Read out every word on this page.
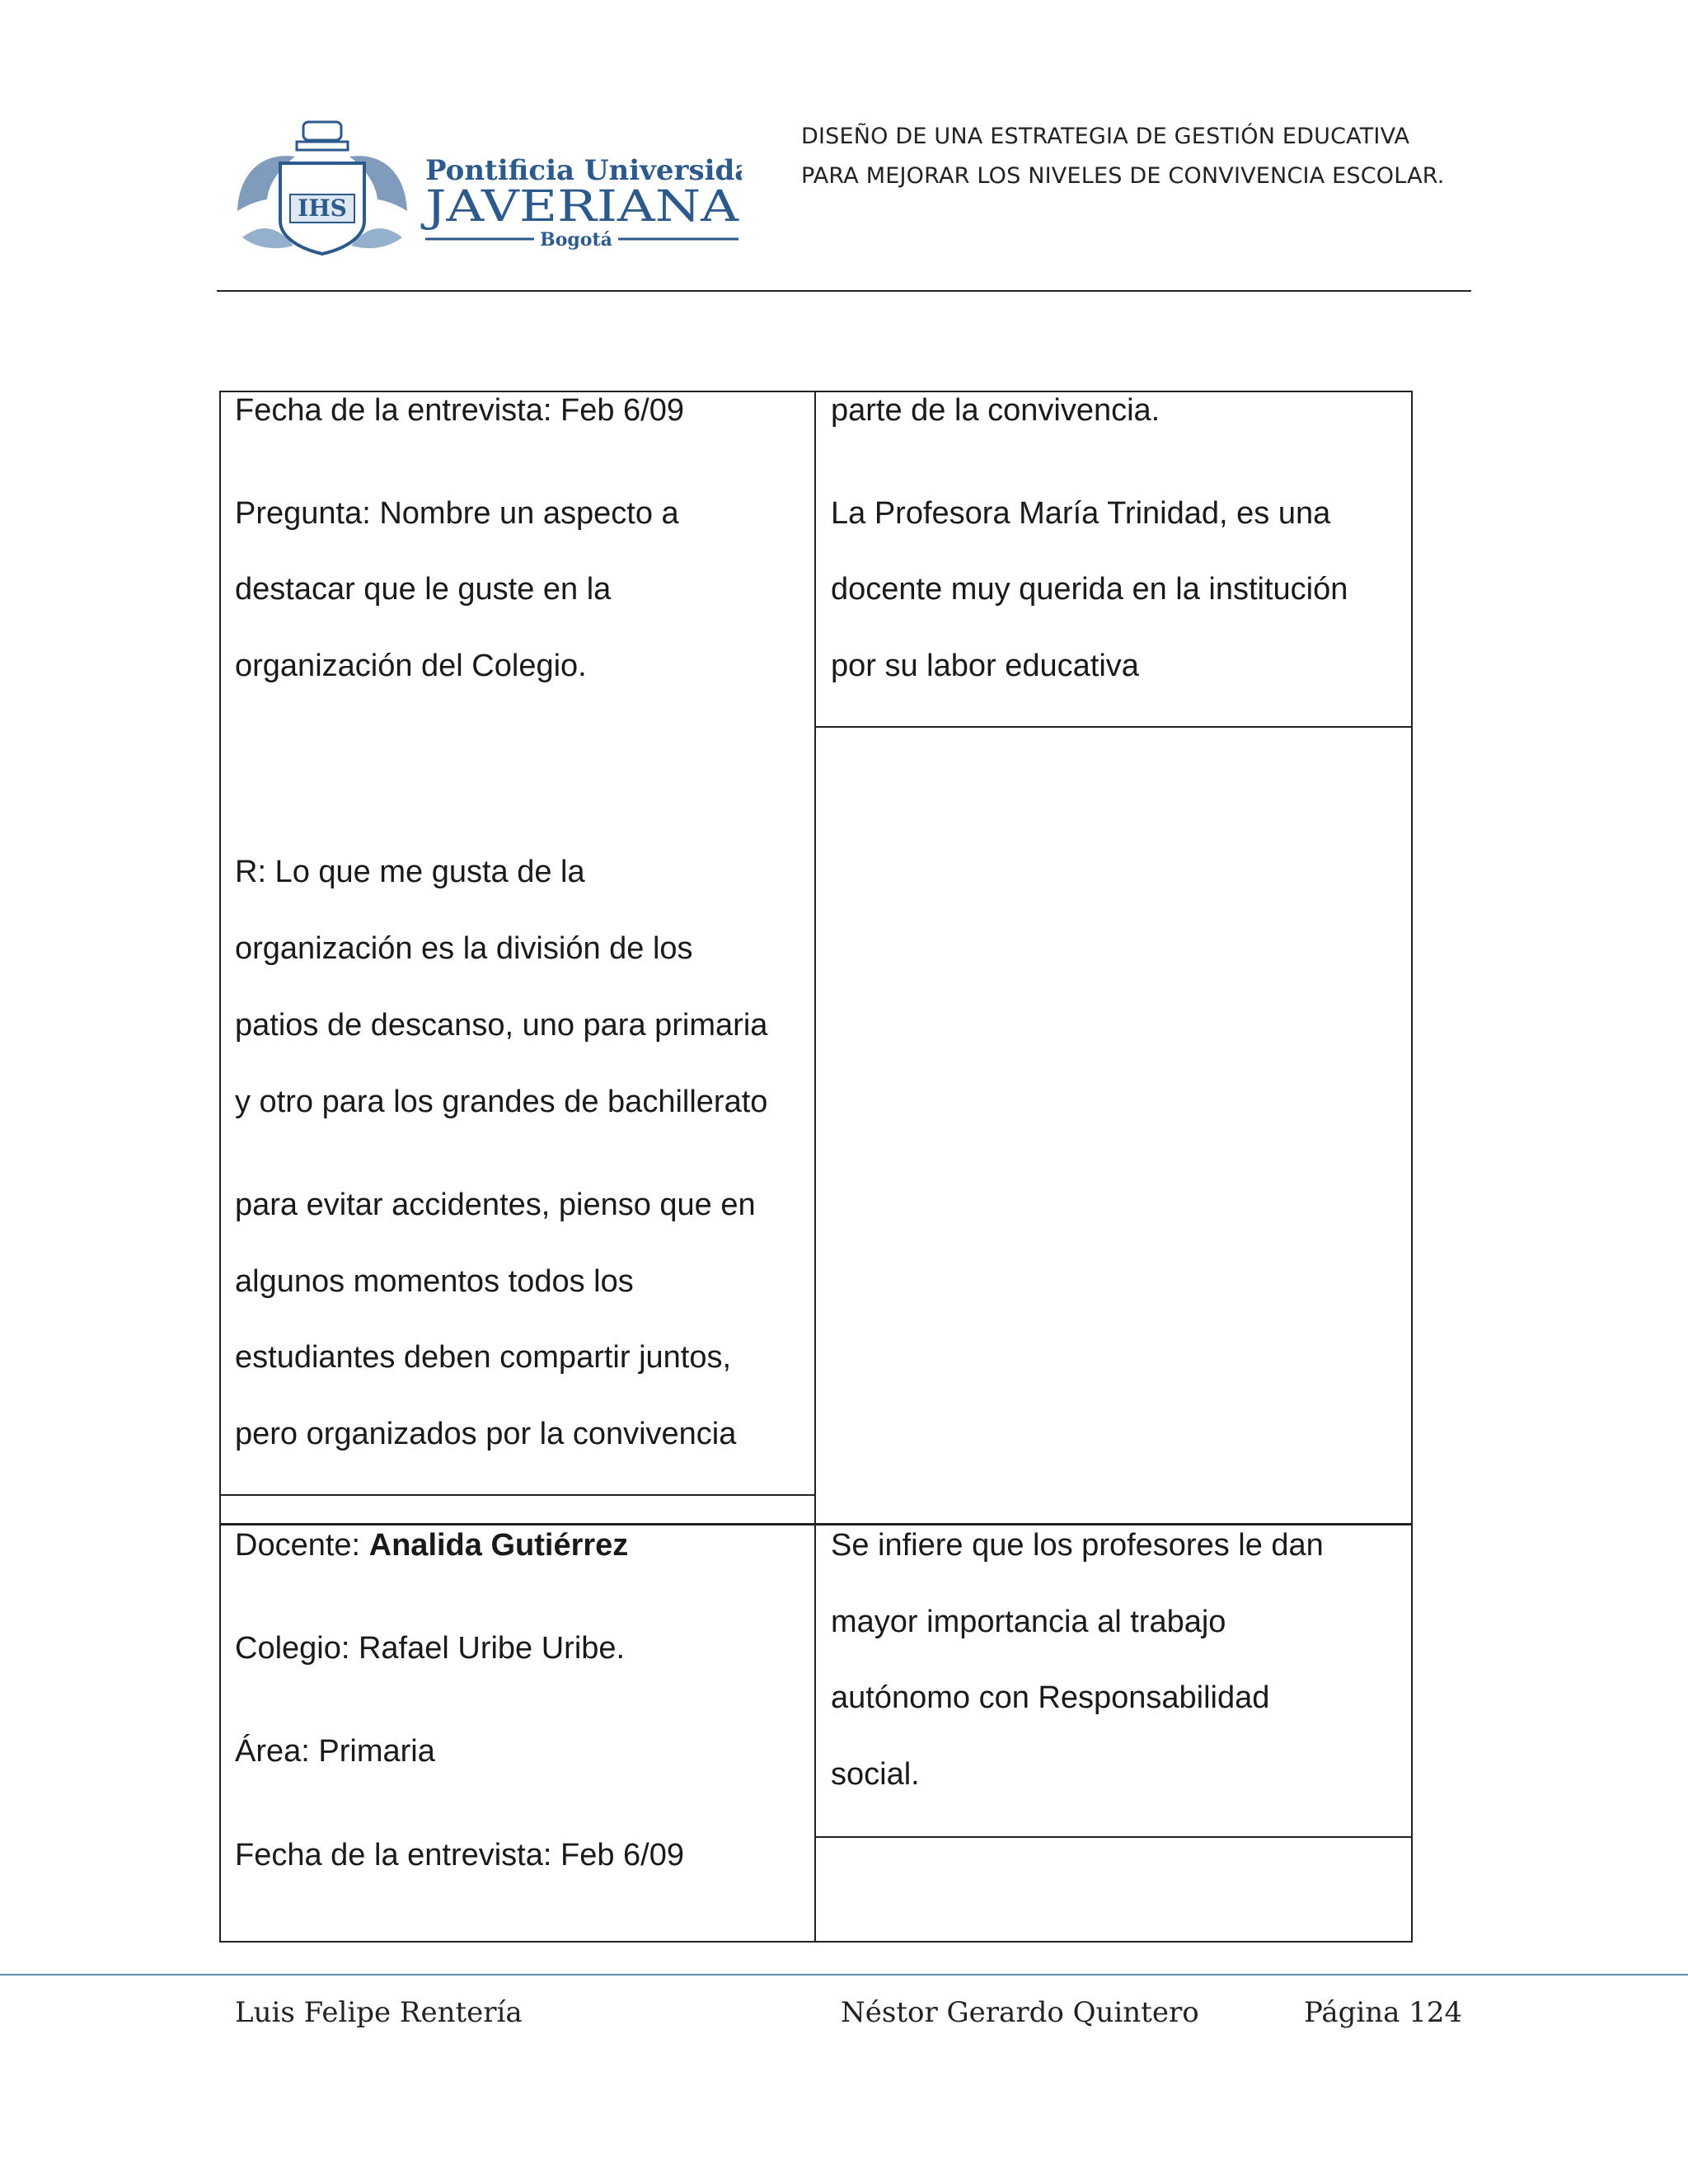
IHS
Pontificia Universidad
JAVERIANA
Bogotá
DISEÑO DE UNA ESTRATEGIA DE GESTIÓN EDUCATIVA
PARA MEJORAR LOS NIVELES DE CONVIVENCIA ESCOLAR.
Fecha de la entrevista: Feb 6/09
Pregunta: Nombre un aspecto a
destacar que le guste en la
organización del Colegio.
R: Lo que me gusta de la
organización es la división de los
patios de descanso, uno para primaria
y otro para los grandes de bachillerato
para evitar accidentes, pienso que en
algunos momentos todos los
estudiantes deben compartir juntos,
pero organizados por la convivencia
parte de la convivencia.
La Profesora María Trinidad, es una
docente muy querida en la institución
por su labor educativa
Docente: Analida Gutiérrez
Colegio: Rafael Uribe Uribe.
Área: Primaria
Fecha de la entrevista: Feb 6/09
Se infiere que los profesores le dan
mayor importancia al trabajo
autónomo con Responsabilidad
social.
Luis Felipe Rentería	Néstor Gerardo Quintero	Página 124
